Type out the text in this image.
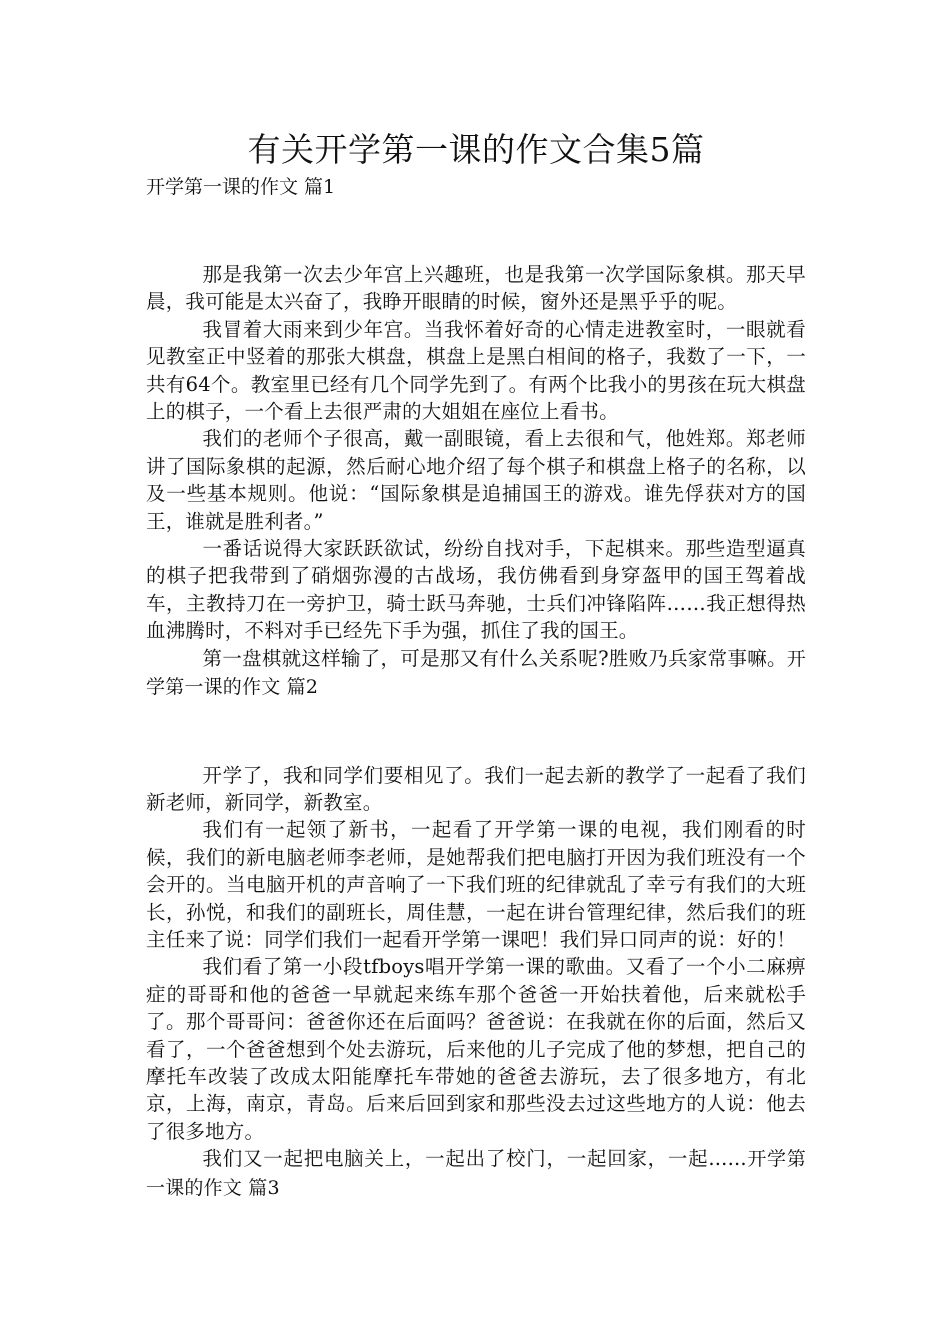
有关开学第一课的作文合集5篇
开学第一课的作文 篇1

那是我第一次去少年宫上兴趣班，也是我第一次学国际象棋。那天早晨，我可能是太兴奋了，我睁开眼睛的时候，窗外还是黑乎乎的呢。

我冒着大雨来到少年宫。当我怀着好奇的心情走进教室时，一眼就看见教室正中竖着的那张大棋盘，棋盘上是黑白相间的格子，我数了一下，一共有64个。教室里已经有几个同学先到了。有两个比我小的男孩在玩大棋盘上的棋子，一个看上去很严肃的大姐姐在座位上看书。

我们的老师个子很高，戴一副眼镜，看上去很和气，他姓郑。郑老师讲了国际象棋的起源，然后耐心地介绍了每个棋子和棋盘上格子的名称，以及一些基本规则。他说：“国际象棋是追捕国王的游戏。谁先俘获对方的国王，谁就是胜利者。”

一番话说得大家跃跃欲试，纷纷自找对手，下起棋来。那些造型逼真的棋子把我带到了硝烟弥漫的古战场，我仿佛看到身穿盔甲的国王驾着战车，主教持刀在一旁护卫，骑士跃马奔驰，士兵们冲锋陷阵……我正想得热血沸腾时，不料对手已经先下手为强，抓住了我的国王。

第一盘棋就这样输了，可是那又有什么关系呢?胜败乃兵家常事嘛。开学第一课的作文 篇2

开学了，我和同学们要相见了。我们一起去新的教学了一起看了我们新老师，新同学，新教室。

我们有一起领了新书，一起看了开学第一课的电视，我们刚看的时候，我们的新电脑老师李老师，是她帮我们把电脑打开因为我们班没有一个会开的。当电脑开机的声音响了一下我们班的纪律就乱了幸亏有我们的大班长，孙悦，和我们的副班长，周佳慧，一起在讲台管理纪律，然后我们的班主任来了说：同学们我们一起看开学第一课吧！我们异口同声的说：好的！

我们看了第一小段tfboys唱开学第一课的歌曲。又看了一个小二麻痹症的哥哥和他的爸爸一早就起来练车那个爸爸一开始扶着他，后来就松手了。那个哥哥问：爸爸你还在后面吗？爸爸说：在我就在你的后面，然后又看了，一个爸爸想到个处去游玩，后来他的儿子完成了他的梦想，把自己的摩托车改装了改成太阳能摩托车带她的爸爸去游玩，去了很多地方，有北京，上海，南京，青岛。后来后回到家和那些没去过这些地方的人说：他去了很多地方。

我们又一起把电脑关上，一起出了校门，一起回家，一起......开学第一课的作文 篇3
